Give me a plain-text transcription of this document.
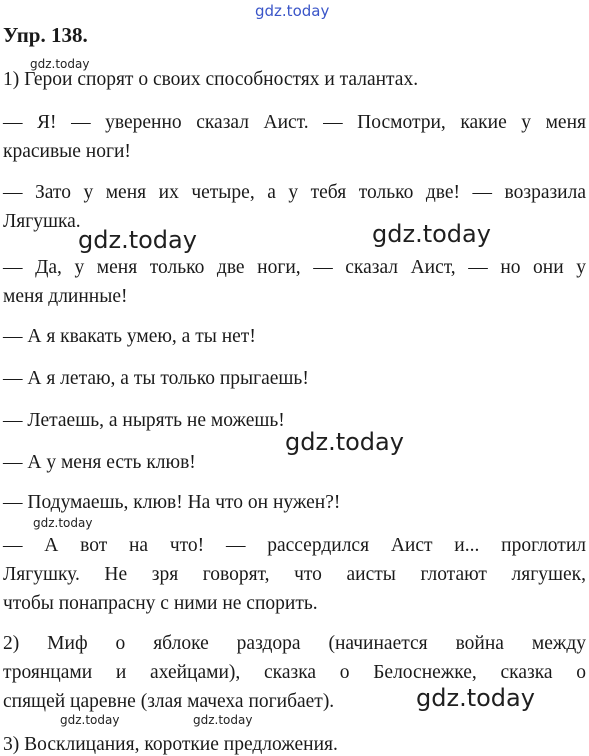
gdz.today
Упр. 138.
gdz.today
1) Герои спорят о своих способностях и талантах.
— Я! — уверенно сказал Аист. — Посмотри, какие у меня
красивые ноги!
— Зато у меня их четыре, а у тебя только две! — возразила
Лягушка.
gdz.today	gdz.today
— Да, у меня только две ноги, — сказал Аист, — но они у
меня длинные!
— А я квакать умею, а ты нет!
— А я летаю, а ты только прыгаешь!
— Летаешь, а нырять не можешь!
gdz.today
— А у меня есть клюв!
— Подумаешь, клюв! На что он нужен?!
gdz.today
— А вот на что! — рассердился Аист и... проглотил
Лягушку. Не зря говорят, что аисты глотают лягушек,
чтобы понапрасну с ними не спорить.
2) Миф о яблоке раздора (начинается война между
троянцами и ахейцами), сказка о Белоснежке, сказка о
спящей царевне (злая мачеха погибает).	gdz.today
gdz.today	gdz.today
3) Восклицания, короткие предложения.
